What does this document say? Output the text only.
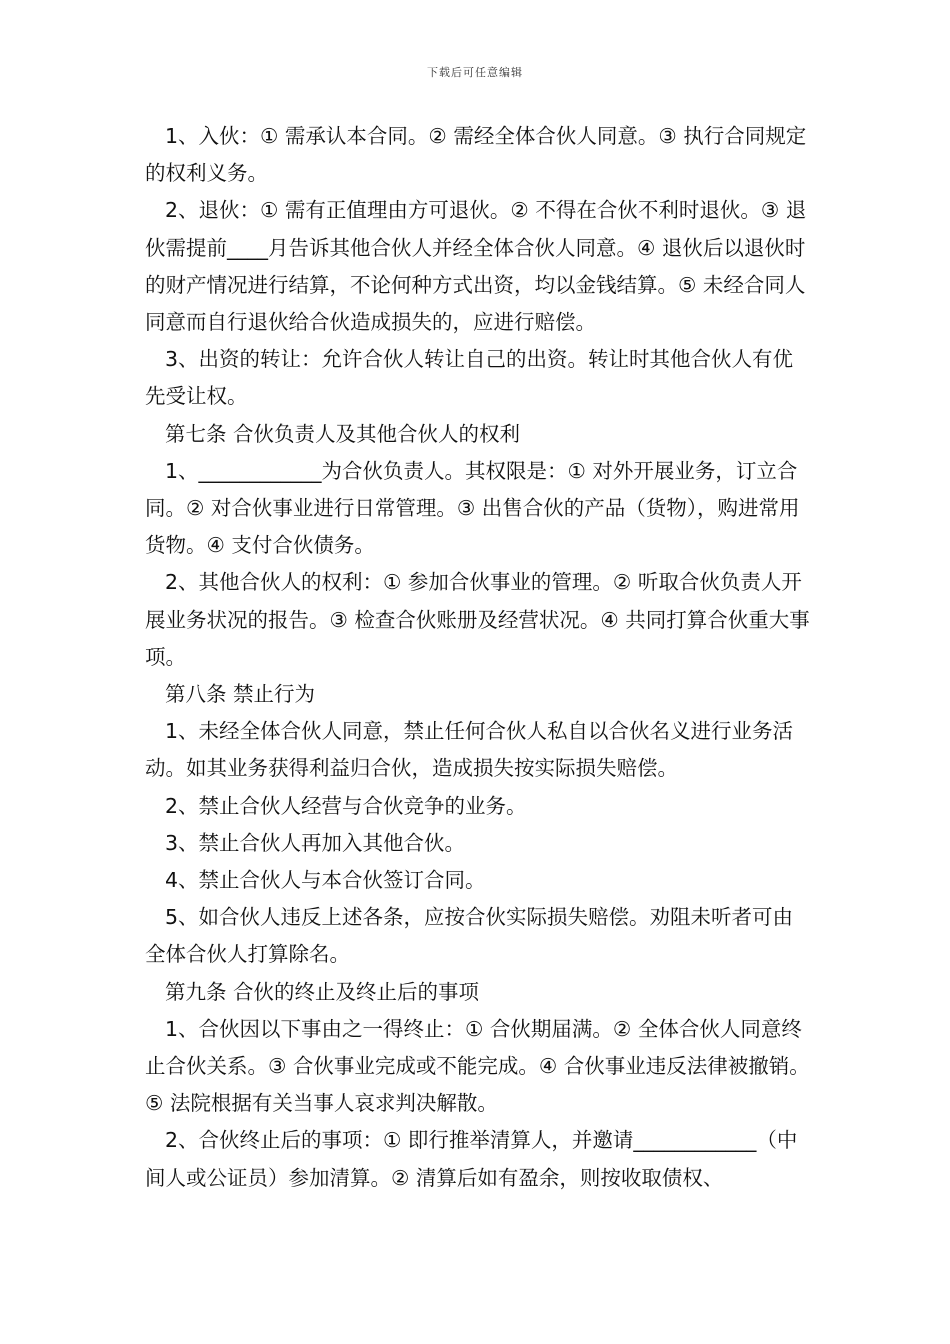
下载后可任意编辑

1、入伙：① 需承认本合同。② 需经全体合伙人同意。③ 执行合同规定的权利义务。

2、退伙：① 需有正值理由方可退伙。② 不得在合伙不利时退伙。③ 退伙需提前____月告诉其他合伙人并经全体合伙人同意。④ 退伙后以退伙时的财产情况进行结算，不论何种方式出资，均以金钱结算。⑤ 未经合同人同意而自行退伙给合伙造成损失的，应进行赔偿。

3、出资的转让：允许合伙人转让自己的出资。转让时其他合伙人有优先受让权。

第七条 合伙负责人及其他合伙人的权利

1、____________为合伙负责人。其权限是：① 对外开展业务，订立合同。② 对合伙事业进行日常管理。③ 出售合伙的产品（货物），购进常用货物。④ 支付合伙债务。

2、其他合伙人的权利：① 参加合伙事业的管理。② 听取合伙负责人开展业务状况的报告。③ 检查合伙账册及经营状况。④ 共同打算合伙重大事项。

第八条 禁止行为

1、未经全体合伙人同意，禁止任何合伙人私自以合伙名义进行业务活动。如其业务获得利益归合伙，造成损失按实际损失赔偿。

2、禁止合伙人经营与合伙竞争的业务。

3、禁止合伙人再加入其他合伙。

4、禁止合伙人与本合伙签订合同。

5、如合伙人违反上述各条，应按合伙实际损失赔偿。劝阻未听者可由全体合伙人打算除名。

第九条 合伙的终止及终止后的事项

1、合伙因以下事由之一得终止：① 合伙期届满。② 全体合伙人同意终止合伙关系。③ 合伙事业完成或不能完成。④ 合伙事业违反法律被撤销。⑤ 法院根据有关当事人哀求判决解散。

2、合伙终止后的事项：① 即行推举清算人，并邀请____________（中间人或公证员）参加清算。② 清算后如有盈余，则按收取债权、
